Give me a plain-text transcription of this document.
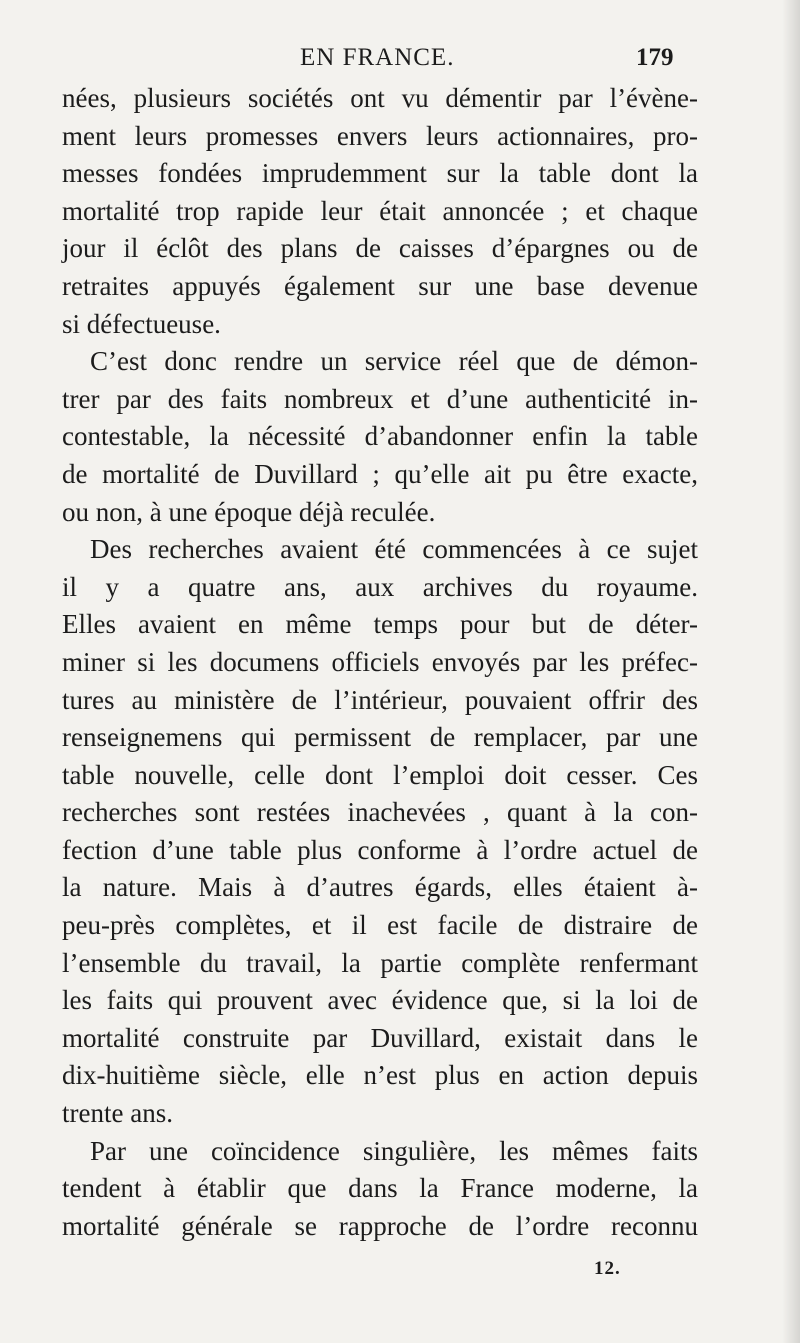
EN FRANCE.	179
nées, plusieurs sociétés ont vu démentir par l’évène-
ment leurs promesses envers leurs actionnaires, pro-
messes fondées imprudemment sur la table dont la
mortalité trop rapide leur était annoncée ; et chaque
jour il éclôt des plans de caisses d’épargnes ou de
retraites appuyés également sur une base devenue
si défectueuse.
C’est donc rendre un service réel que de démon-
trer par des faits nombreux et d’une authenticité in-
contestable, la nécessité d’abandonner enfin la table
de mortalité de Duvillard ; qu’elle ait pu être exacte,
ou non, à une époque déjà reculée.
Des recherches avaient été commencées à ce sujet
il y a quatre ans, aux archives du royaume.
Elles avaient en même temps pour but de déter-
miner si les documens officiels envoyés par les préfec-
tures au ministère de l’intérieur, pouvaient offrir des
renseignemens qui permissent de remplacer, par une
table nouvelle, celle dont l’emploi doit cesser. Ces
recherches sont restées inachevées , quant à la con-
fection d’une table plus conforme à l’ordre actuel de
la nature. Mais à d’autres égards, elles étaient à-
peu-près complètes, et il est facile de distraire de
l’ensemble du travail, la partie complète renfermant
les faits qui prouvent avec évidence que, si la loi de
mortalité construite par Duvillard, existait dans le
dix-huitième siècle, elle n’est plus en action depuis
trente ans.
Par une coïncidence singulière, les mêmes faits
tendent à établir que dans la France moderne, la
mortalité générale se rapproche de l’ordre reconnu
12.
